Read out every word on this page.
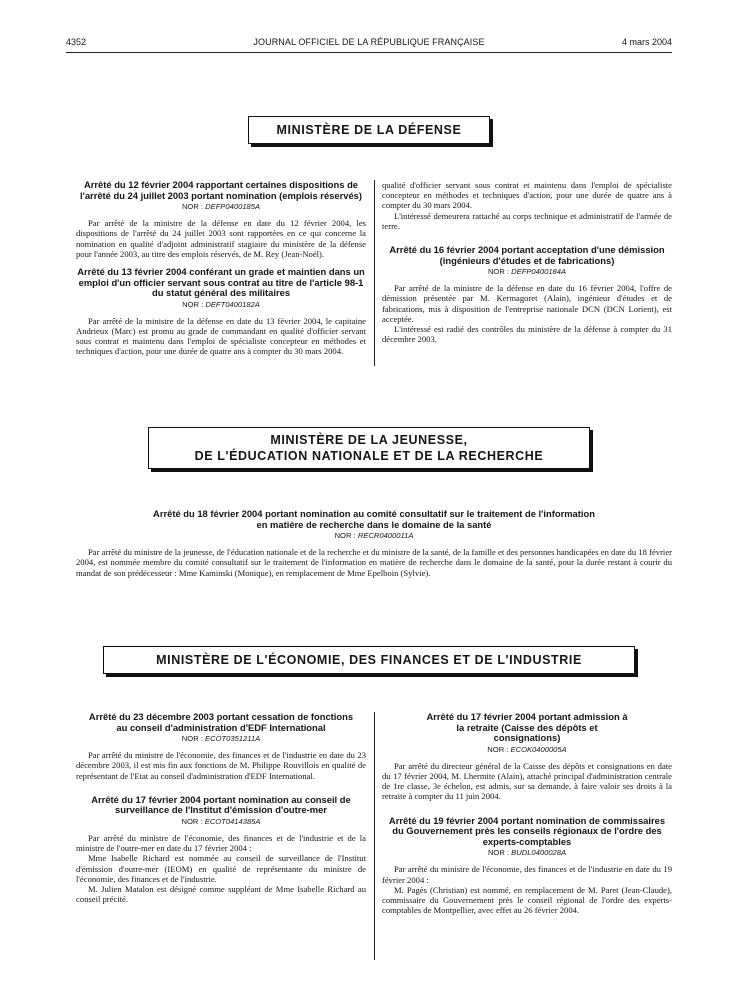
4352	JOURNAL OFFICIEL DE LA RÉPUBLIQUE FRANÇAISE	4 mars 2004
MINISTÈRE DE LA DÉFENSE

Arrêté du 12 février 2004 rapportant certaines dispositions de l'arrêté du 24 juillet 2003 portant nomination (emplois réservés)

NOR : DEFP0400185A

Par arrêté de la ministre de la défense en date du 12 février 2004, les dispositions de l'arrêté du 24 juillet 2003 sont rapportées en ce qui concerne la nomination en qualité d'adjoint administratif stagiaire du ministère de la défense pour l'année 2003, au titre des emplois réservés, de M. Rey (Jean-Noël).

Arrêté du 13 février 2004 conférant un grade et maintien dans un emploi d'un officier servant sous contrat au titre de l'article 98-1 du statut général des militaires

NOR : DEFT0400182A

Par arrêté de la ministre de la défense en date du 13 février 2004, le capitaine Andrieux (Marc) est promu au grade de commandant en qualité d'officier servant sous contrat et maintenu dans l'emploi de spécialiste concepteur en méthodes et techniques d'action, pour une durée de quatre ans à compter du 30 mars 2004.

qualité d'officier servant sous contrat et maintenu dans l'emploi de spécialiste concepteur en méthodes et techniques d'action, pour une durée de quatre ans à compter du 30 mars 2004.

L'intéressé demeurera rattaché au corps technique et administratif de l'armée de terre.

Arrêté du 16 février 2004 portant acceptation d'une démission (ingénieurs d'études et de fabrications)

NOR : DEFP0400184A

Par arrêté de la ministre de la défense en date du 16 février 2004, l'offre de démission présentée par M. Kermagoret (Alain), ingénieur d'études et de fabrications, mis à disposition de l'entreprise nationale DCN (DCN Lorient), est acceptée.

L'intéressé est radié des contrôles du ministère de la défense à compter du 31 décembre 2003.

MINISTÈRE DE LA JEUNESSE,
DE L'ÉDUCATION NATIONALE ET DE LA RECHERCHE

Arrêté du 18 février 2004 portant nomination au comité consultatif sur le traitement de l'information

en matière de recherche dans le domaine de la santé

NOR : RECR0400011A

Par arrêté du ministre de la jeunesse, de l'éducation nationale et de la recherche et du ministre de la santé, de la famille et des personnes handicapées en date du 18 février 2004, est nommée membre du comité consultatif sur le traitement de l'information en matière de recherche dans le domaine de la santé, pour la durée restant à courir du mandat de son prédécesseur : Mme Kaminski (Monique), en remplacement de Mme Epelboin (Sylvie).

MINISTÈRE DE L'ÉCONOMIE, DES FINANCES ET DE L'INDUSTRIE

Arrêté du 23 décembre 2003 portant cessation de fonctions au conseil d'administration d'EDF International

NOR : ECOT0351211A

Par arrêté du ministre de l'économie, des finances et de l'industrie en date du 23 décembre 2003, il est mis fin aux fonctions de M. Philippe Rouvillois en qualité de représentant de l'Etat au conseil d'administration d'EDF International.

Arrêté du 17 février 2004 portant nomination au conseil de surveillance de l'Institut d'émission d'outre-mer

NOR : ECOT0414385A

Par arrêté du ministre de l'économie, des finances et de l'industrie et de la ministre de l'outre-mer en date du 17 février 2004 :

Mme Isabelle Richard est nommée au conseil de surveillance de l'Institut d'émission d'outre-mer (IEOM) en qualité de représentante du ministre de l'économie, des finances et de l'industrie.

M. Julien Matalon est désigné comme suppléant de Mme Isabelle Richard au conseil précité.

Arrêté du 17 février 2004 portant admission à la retraite (Caisse des dépôts et consignations)

NOR : ECOK0400005A

Par arrêté du directeur général de la Caisse des dépôts et consignations en date du 17 février 2004, M. Lhermite (Alain), attaché principal d'administration centrale de 1re classe, 3e échelon, est admis, sur sa demande, à faire valoir ses droits à la retraite à compter du 11 juin 2004.

Arrêté du 19 février 2004 portant nomination de commissaires du Gouvernement près les conseils régionaux de l'ordre des experts-comptables

NOR : BUDL0400028A

Par arrêté du ministre de l'économie, des finances et de l'industrie en date du 19 février 2004 :

M. Pagès (Christian) est nommé, en remplacement de M. Paret (Jean-Claude), commissaire du Gouvernement près le conseil régional de l'ordre des experts-comptables de Montpellier, avec effet au 26 février 2004.
